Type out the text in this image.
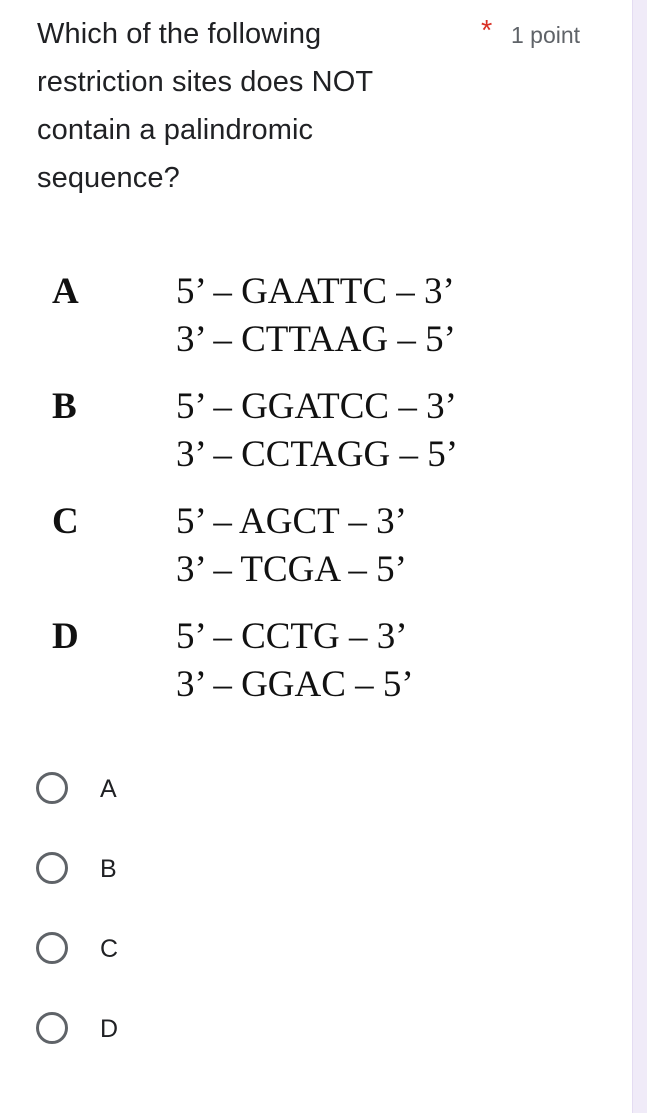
Which of the following restriction sites does NOT contain a palindromic sequence?
* 1 point
A	5’ – GAATTC – 3’
3’ – CTTAAG – 5’
B	5’ – GGATCC – 3’
3’ – CCTAGG – 5’
C	5’ – AGCT – 3’
3’ – TCGA – 5’
D	5’ – CCTG – 3’
3’ – GGAC – 5’
A
B
C
D
